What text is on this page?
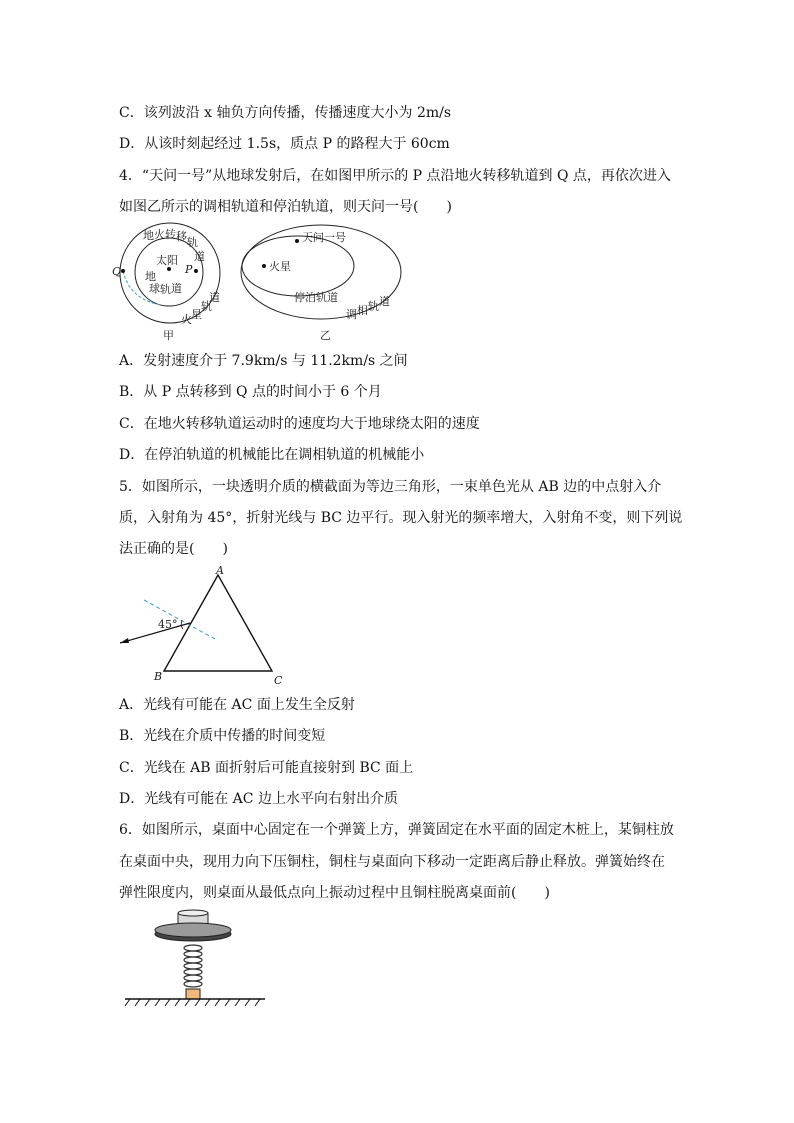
C．该列波沿 x 轴负方向传播，传播速度大小为 2m/s
D．从该时刻起经过 1.5s，质点 P 的路程大于 60cm
4．“天问一号”从地球发射后，在如图甲所示的 P 点沿地火转移轨道到 Q 点，再依次进入
如图乙所示的调相轨道和停泊轨道，则天问一号(　　)
太阳
Q	P
地 火 转 移 轨
道
地
球 轨 道
火 星
轨
道
甲
天问一号
火星
停泊轨道
调 相 轨 道
乙
A．发射速度介于 7.9km/s 与 11.2km/s 之间
B．从 P 点转移到 Q 点的时间小于 6 个月
C．在地火转移轨道运动时的速度均大于地球绕太阳的速度
D．在停泊轨道的机械能比在调相轨道的机械能小
5．如图所示，一块透明介质的横截面为等边三角形，一束单色光从 AB 边的中点射入介
质，入射角为 45°，折射光线与 BC 边平行。现入射光的频率增大，入射角不变，则下列说
法正确的是(　　)
45°
A
B	C
A．光线有可能在 AC 面上发生全反射
B．光线在介质中传播的时间变短
C．光线在 AB 面折射后可能直接射到 BC 面上
D．光线有可能在 AC 边上水平向右射出介质
6．如图所示，桌面中心固定在一个弹簧上方，弹簧固定在水平面的固定木桩上，某铜柱放
在桌面中央，现用力向下压铜柱，铜柱与桌面向下移动一定距离后静止释放。弹簧始终在
弹性限度内，则桌面从最低点向上振动过程中且铜柱脱离桌面前(　　)
